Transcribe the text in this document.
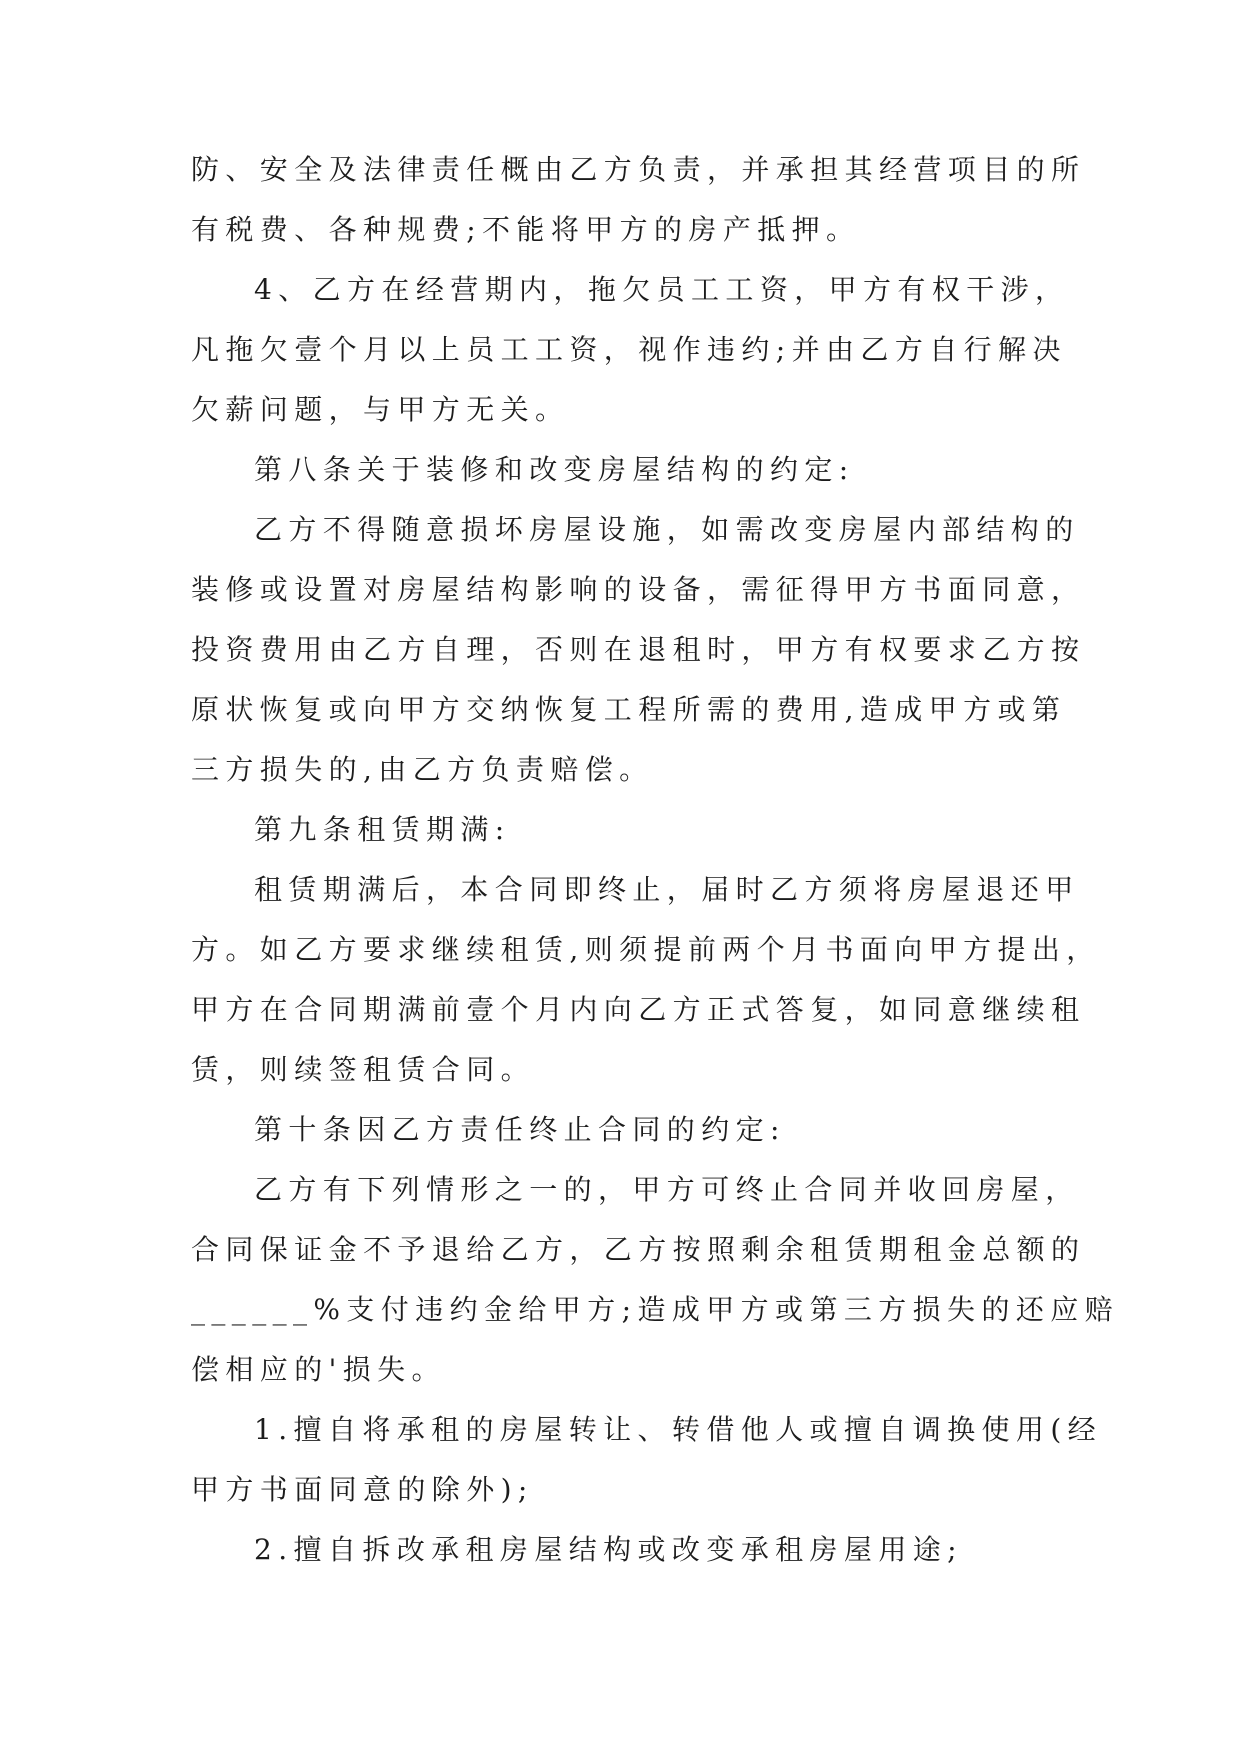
防、安全及法律责任概由乙方负责，并承担其经营项目的所
有税费、各种规费;不能将甲方的房产抵押。
4、乙方在经营期内，拖欠员工工资，甲方有权干涉，
凡拖欠壹个月以上员工工资，视作违约;并由乙方自行解决
欠薪问题，与甲方无关。
第八条关于装修和改变房屋结构的约定:
乙方不得随意损坏房屋设施，如需改变房屋内部结构的
装修或设置对房屋结构影响的设备，需征得甲方书面同意，
投资费用由乙方自理，否则在退租时，甲方有权要求乙方按
原状恢复或向甲方交纳恢复工程所需的费用,造成甲方或第
三方损失的,由乙方负责赔偿。
第九条租赁期满:
租赁期满后，本合同即终止，届时乙方须将房屋退还甲
方。如乙方要求继续租赁,则须提前两个月书面向甲方提出，
甲方在合同期满前壹个月内向乙方正式答复，如同意继续租
赁，则续签租赁合同。
第十条因乙方责任终止合同的约定:
乙方有下列情形之一的，甲方可终止合同并收回房屋，
合同保证金不予退给乙方，乙方按照剩余租赁期租金总额的
______%支付违约金给甲方;造成甲方或第三方损失的还应赔
偿相应的'损失。
1.擅自将承租的房屋转让、转借他人或擅自调换使用(经
甲方书面同意的除外);
2.擅自拆改承租房屋结构或改变承租房屋用途;
